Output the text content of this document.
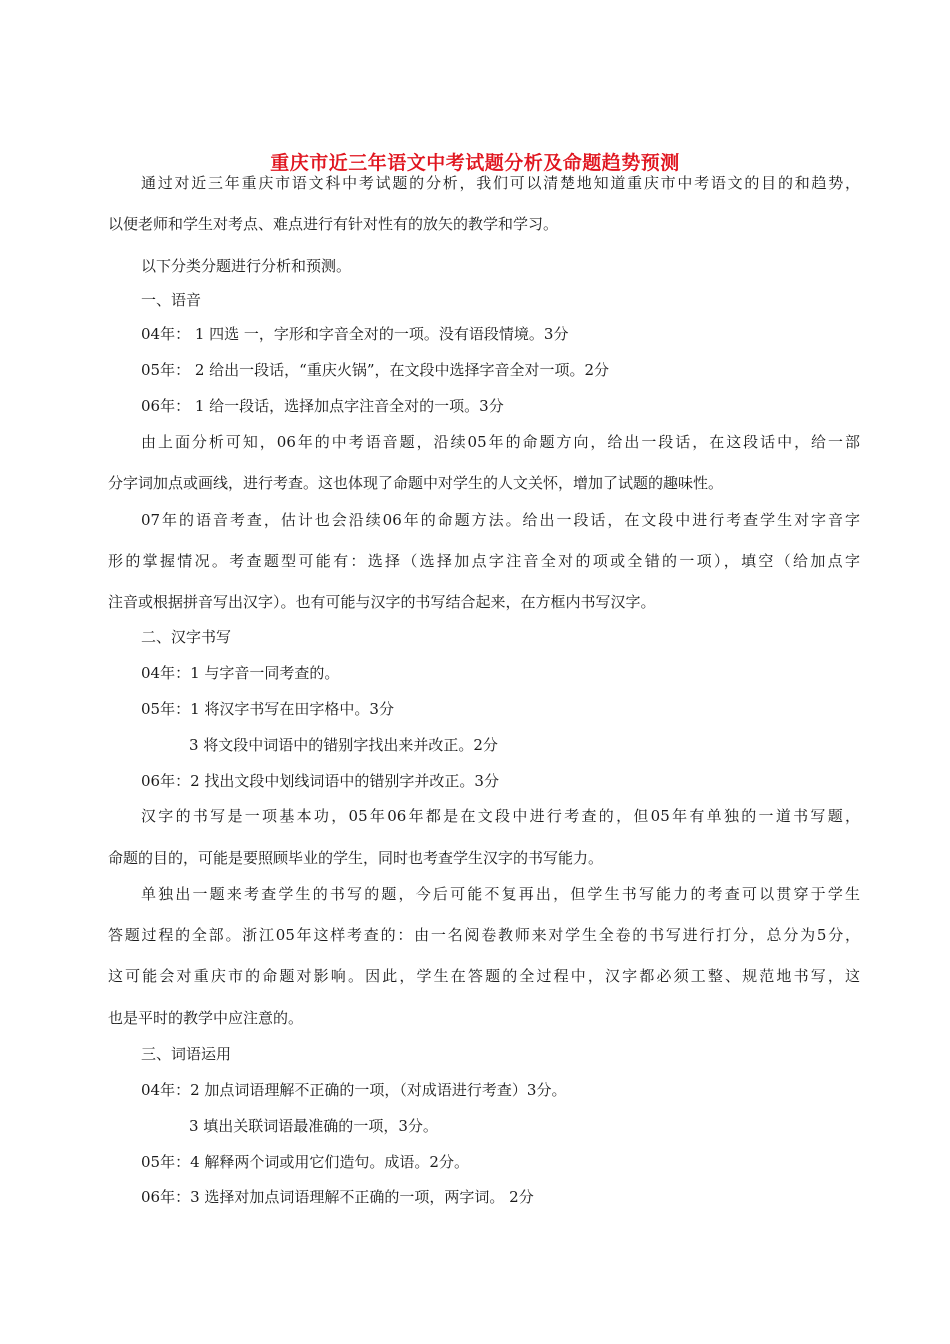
重庆市近三年语文中考试题分析及命题趋势预测
通过对近三年重庆市语文科中考试题的分析，我们可以清楚地知道重庆市中考语文的目的和趋势，
以便老师和学生对考点、难点进行有针对性有的放矢的教学和学习。
以下分类分题进行分析和预测。
一、语音
04年： 1 四选 一，字形和字音全对的一项。没有语段情境。3分
05年： 2 给出一段话，“重庆火锅”，在文段中选择字音全对一项。2分
06年： 1 给一段话，选择加点字注音全对的一项。3分
由上面分析可知，06年的中考语音题，沿续05年的命题方向，给出一段话，在这段话中，给一部
分字词加点或画线，进行考查。这也体现了命题中对学生的人文关怀，增加了试题的趣味性。
07年的语音考查，估计也会沿续06年的命题方法。给出一段话，在文段中进行考查学生对字音字
形的掌握情况。考查题型可能有：选择（选择加点字注音全对的项或全错的一项），填空（给加点字
注音或根据拼音写出汉字）。也有可能与汉字的书写结合起来，在方框内书写汉字。
二、汉字书写
04年：1 与字音一同考查的。
05年：1 将汉字书写在田字格中。3分
3 将文段中词语中的错别字找出来并改正。2分
06年：2 找出文段中划线词语中的错别字并改正。3分
汉字的书写是一项基本功，05年06年都是在文段中进行考查的，但05年有单独的一道书写题，
命题的目的，可能是要照顾毕业的学生，同时也考查学生汉字的书写能力。
单独出一题来考查学生的书写的题，今后可能不复再出，但学生书写能力的考查可以贯穿于学生
答题过程的全部。浙江05年这样考查的：由一名阅卷教师来对学生全卷的书写进行打分，总分为5分，
这可能会对重庆市的命题对影响。因此，学生在答题的全过程中，汉字都必须工整、规范地书写，这
也是平时的教学中应注意的。
三、词语运用
04年：2 加点词语理解不正确的一项，（对成语进行考查）3分。
3 填出关联词语最准确的一项，3分。
05年：4 解释两个词或用它们造句。成语。2分。
06年：3 选择对加点词语理解不正确的一项，两字词。 2分
